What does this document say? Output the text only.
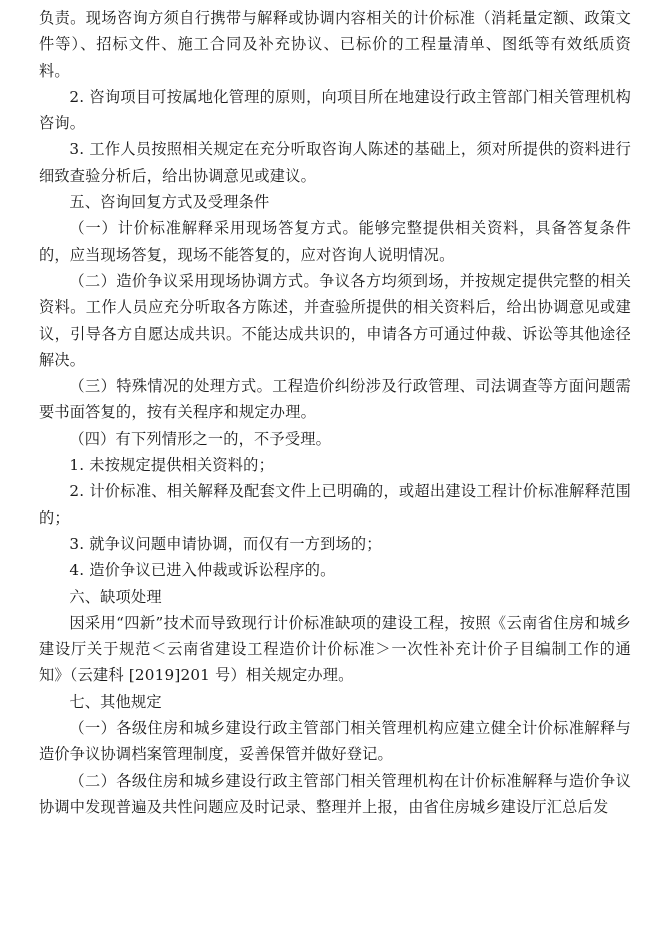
负责。现场咨询方须自行携带与解释或协调内容相关的计价标准（消耗量定额、政策文件等）、招标文件、施工合同及补充协议、已标价的工程量清单、图纸等有效纸质资料。

2. 咨询项目可按属地化管理的原则，向项目所在地建设行政主管部门相关管理机构咨询。

3. 工作人员按照相关规定在充分听取咨询人陈述的基础上，须对所提供的资料进行细致查验分析后，给出协调意见或建议。

五、咨询回复方式及受理条件

（一）计价标准解释采用现场答复方式。能够完整提供相关资料，具备答复条件的，应当现场答复，现场不能答复的，应对咨询人说明情况。

（二）造价争议采用现场协调方式。争议各方均须到场，并按规定提供完整的相关资料。工作人员应充分听取各方陈述，并查验所提供的相关资料后，给出协调意见或建议，引导各方自愿达成共识。不能达成共识的，申请各方可通过仲裁、诉讼等其他途径解决。

（三）特殊情况的处理方式。工程造价纠纷涉及行政管理、司法调查等方面问题需要书面答复的，按有关程序和规定办理。

（四）有下列情形之一的，不予受理。

1. 未按规定提供相关资料的；

2. 计价标准、相关解释及配套文件上已明确的，或超出建设工程计价标准解释范围的；

3. 就争议问题申请协调，而仅有一方到场的；

4. 造价争议已进入仲裁或诉讼程序的。

六、缺项处理

因采用“四新”技术而导致现行计价标准缺项的建设工程，按照《云南省住房和城乡建设厅关于规范＜云南省建设工程造价计价标准＞一次性补充计价子目编制工作的通知》（云建科 [2019]201 号）相关规定办理。

七、其他规定

（一）各级住房和城乡建设行政主管部门相关管理机构应建立健全计价标准解释与造价争议协调档案管理制度，妥善保管并做好登记。

（二）各级住房和城乡建设行政主管部门相关管理机构在计价标准解释与造价争议协调中发现普遍及共性问题应及时记录、整理并上报，由省住房城乡建设厅汇总后发
